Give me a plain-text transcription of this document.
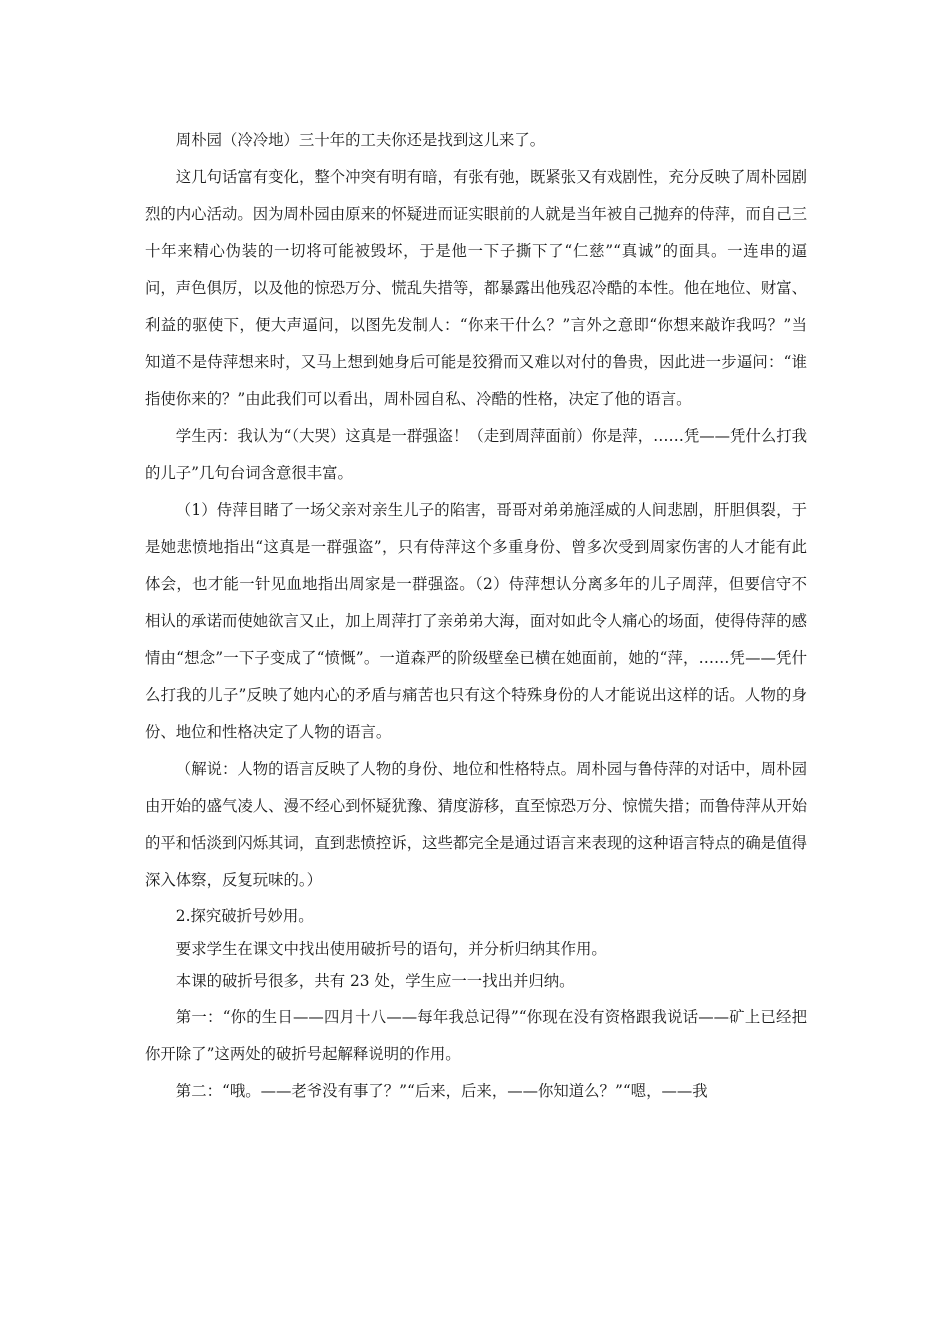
周朴园（冷冷地）三十年的工夫你还是找到这儿来了。

这几句话富有变化，整个冲突有明有暗，有张有弛，既紧张又有戏剧性，充分反映了周朴园剧烈的内心活动。因为周朴园由原来的怀疑进而证实眼前的人就是当年被自己抛弃的侍萍，而自己三十年来精心伪装的一切将可能被毁坏，于是他一下子撕下了“仁慈”“真诚”的面具。一连串的逼问，声色俱厉，以及他的惊恐万分、慌乱失措等，都暴露出他残忍冷酷的本性。他在地位、财富、利益的驱使下，便大声逼问，以图先发制人：“你来干什么？”言外之意即“你想来敲诈我吗？”当知道不是侍萍想来时，又马上想到她身后可能是狡猾而又难以对付的鲁贵，因此进一步逼问：“谁指使你来的？”由此我们可以看出，周朴园自私、冷酷的性格，决定了他的语言。

学生丙：我认为“（大哭）这真是一群强盗！（走到周萍面前）你是萍，……凭——凭什么打我的儿子”几句台词含意很丰富。

（1）侍萍目睹了一场父亲对亲生儿子的陷害，哥哥对弟弟施淫威的人间悲剧，肝胆俱裂，于是她悲愤地指出“这真是一群强盗”，只有侍萍这个多重身份、曾多次受到周家伤害的人才能有此体会，也才能一针见血地指出周家是一群强盗。（2）侍萍想认分离多年的儿子周萍，但要信守不相认的承诺而使她欲言又止，加上周萍打了亲弟弟大海，面对如此令人痛心的场面，使得侍萍的感情由“想念”一下子变成了“愤慨”。一道森严的阶级壁垒已横在她面前，她的“萍，……凭——凭什么打我的儿子”反映了她内心的矛盾与痛苦也只有这个特殊身份的人才能说出这样的话。人物的身份、地位和性格决定了人物的语言。

（解说：人物的语言反映了人物的身份、地位和性格特点。周朴园与鲁侍萍的对话中，周朴园由开始的盛气凌人、漫不经心到怀疑犹豫、猜度游移，直至惊恐万分、惊慌失措；而鲁侍萍从开始的平和恬淡到闪烁其词，直到悲愤控诉，这些都完全是通过语言来表现的这种语言特点的确是值得深入体察，反复玩味的。）

2.探究破折号妙用。

要求学生在课文中找出使用破折号的语句，并分析归纳其作用。

本课的破折号很多，共有 23 处，学生应一一找出并归纳。

第一：“你的生日——四月十八——每年我总记得”“你现在没有资格跟我说话——矿上已经把你开除了”这两处的破折号起解释说明的作用。

第二：“哦。——老爷没有事了？”“后来，后来，——你知道么？”“嗯，——我
